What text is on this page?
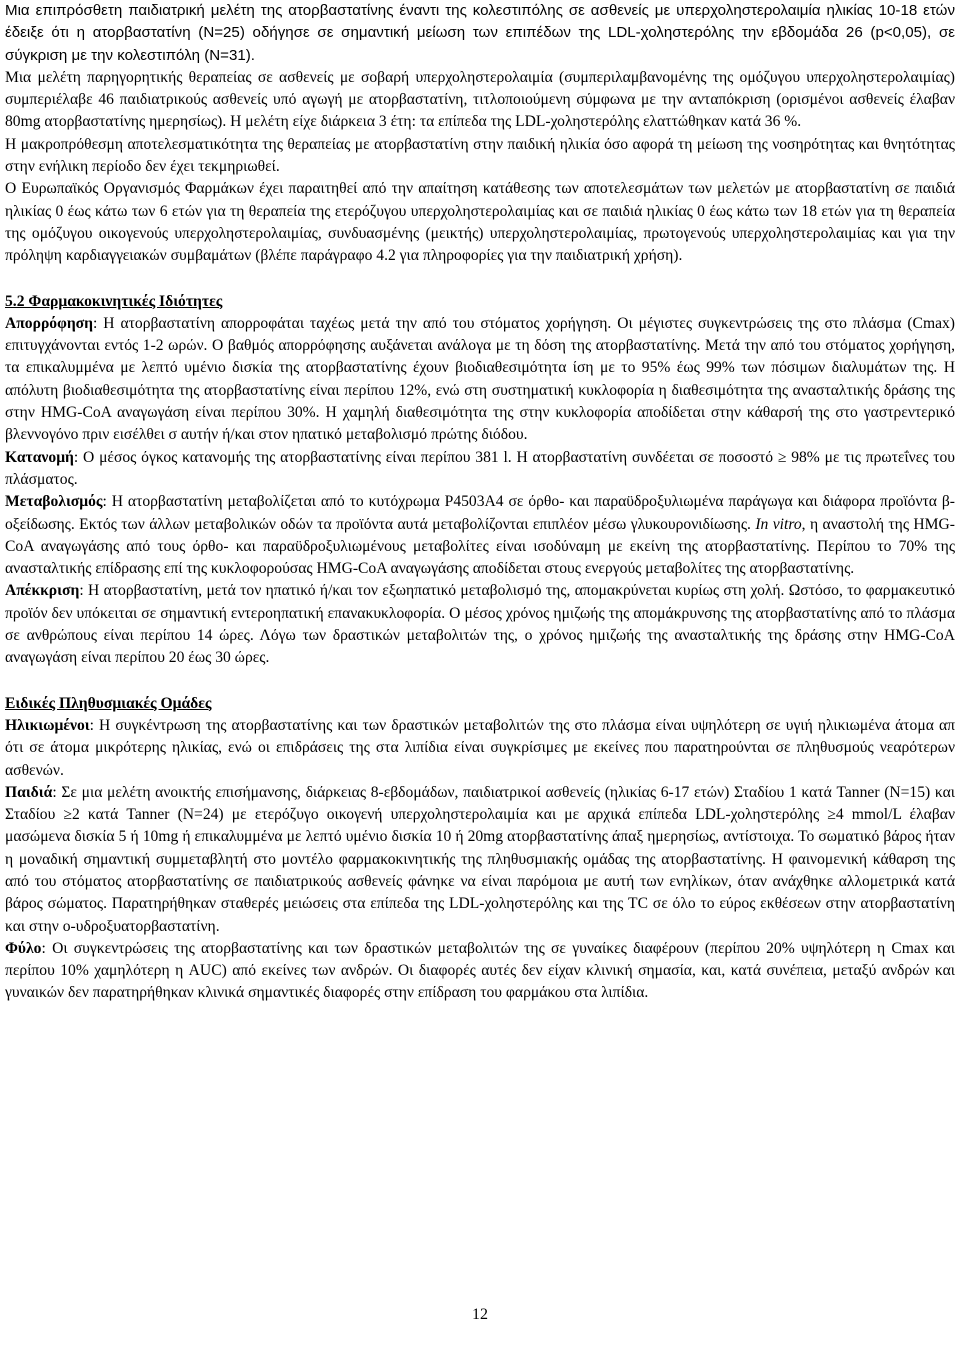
Μια επιπρόσθετη παιδιατρική μελέτη της ατορβαστατίνης έναντι της κολεστιπόλης σε ασθενείς με υπερχοληστερολαιμία ηλικίας 10-18 ετών έδειξε ότι η ατορβαστατίνη (Ν=25) οδήγησε σε σημαντική μείωση των επιπέδων της LDL-χοληστερόλης την εβδομάδα 26 (p<0,05), σε σύγκριση με την κολεστιπόλη (Ν=31).

Μια μελέτη παρηγορητικής θεραπείας σε ασθενείς με σοβαρή υπερχοληστερολαιμία (συμπεριλαμβανομένης της ομόζυγου υπερχοληστερολαιμίας) συμπεριέλαβε 46 παιδιατρικούς ασθενείς υπό αγωγή με ατορβαστατίνη, τιτλοποιούμενη σύμφωνα με την ανταπόκριση (ορισμένοι ασθενείς έλαβαν 80mg ατορβαστατίνης ημερησίως). Η μελέτη είχε διάρκεια 3 έτη: τα επίπεδα της LDL-χοληστερόλης ελαττώθηκαν κατά 36 %.

Η μακροπρόθεσμη αποτελεσματικότητα της θεραπείας με ατορβαστατίνη στην παιδική ηλικία όσο αφορά τη μείωση της νοσηρότητας και θνητότητας στην ενήλικη περίοδο δεν έχει τεκμηριωθεί.

Ο Ευρωπαϊκός Οργανισμός Φαρμάκων έχει παραιτηθεί από την απαίτηση κατάθεσης των αποτελεσμάτων των μελετών με ατορβαστατίνη σε παιδιά ηλικίας 0 έως κάτω των 6 ετών για τη θεραπεία της ετερόζυγου υπερχοληστερολαιμίας και σε παιδιά ηλικίας 0 έως κάτω των 18 ετών για τη θεραπεία της ομόζυγου οικογενούς υπερχοληστερολαιμίας, συνδυασμένης (μεικτής) υπερχοληστερολαιμίας, πρωτογενούς υπερχοληστερολαιμίας και για την πρόληψη καρδιαγγειακών συμβαμάτων (βλέπε παράγραφο 4.2 για πληροφορίες για την παιδιατρική χρήση).

5.2 Φαρμακοκινητικές Ιδιότητες

Απορρόφηση: Η ατορβαστατίνη απορροφάται ταχέως μετά την από του στόματος χορήγηση. Οι μέγιστες συγκεντρώσεις της στο πλάσμα (Cmax) επιτυγχάνονται εντός 1-2 ωρών. Ο βαθμός απορρόφησης αυξάνεται ανάλογα με τη δόση της ατορβαστατίνης. Μετά την από του στόματος χορήγηση, τα επικαλυμμένα με λεπτό υμένιο δισκία της ατορβαστατίνης έχουν βιοδιαθεσιμότητα ίση με το 95% έως 99% των πόσιμων διαλυμάτων της. Η απόλυτη βιοδιαθεσιμότητα της ατορβαστατίνης είναι περίπου 12%, ενώ στη συστηματική κυκλοφορία η διαθεσιμότητα της ανασταλτικής δράσης της στην HMG-CoA αναγωγάση είναι περίπου 30%. Η χαμηλή διαθεσιμότητα της στην κυκλοφορία αποδίδεται στην κάθαρσή της στο γαστρεντερικό βλεννογόνο πριν εισέλθει σ αυτήν ή/και στον ηπατικό μεταβολισμό πρώτης διόδου.

Κατανομή: Ο μέσος όγκος κατανομής της ατορβαστατίνης είναι περίπου 381 l. Η ατορβαστατίνη συνδέεται σε ποσοστό ≥ 98% με τις πρωτεΐνες του πλάσματος.

Μεταβολισμός: Η ατορβαστατίνη μεταβολίζεται από το κυτόχρωμα P4503A4 σε όρθο- και παραϋδροξυλιωμένα παράγωγα και διάφορα προϊόντα β-οξείδωσης. Εκτός των άλλων μεταβολικών οδών τα προϊόντα αυτά μεταβολίζονται επιπλέον μέσω γλυκουρονιδίωσης. In vitro, η αναστολή της HMG-CoA αναγωγάσης από τους όρθο- και παραϋδροξυλιωμένους μεταβολίτες είναι ισοδύναμη με εκείνη της ατορβαστατίνης. Περίπου το 70% της ανασταλτικής επίδρασης επί της κυκλοφορούσας HMG-CoA αναγωγάσης αποδίδεται στους ενεργούς μεταβολίτες της ατορβαστατίνης.

Απέκκριση: Η ατορβαστατίνη, μετά τον ηπατικό ή/και τον εξωηπατικό μεταβολισμό της, απομακρύνεται κυρίως στη χολή. Ωστόσο, το φαρμακευτικό προϊόν δεν υπόκειται σε σημαντική εντεροηπατική επανακυκλοφορία. Ο μέσος χρόνος ημιζωής της απομάκρυνσης της ατορβαστατίνης από το πλάσμα σε ανθρώπους είναι περίπου 14 ώρες. Λόγω των δραστικών μεταβολιτών της, ο χρόνος ημιζωής της ανασταλτικής της δράσης στην HMG-CoA αναγωγάση είναι περίπου 20 έως 30 ώρες.

Ειδικές Πληθυσμιακές Ομάδες

Ηλικιωμένοι: Η συγκέντρωση της ατορβαστατίνης και των δραστικών μεταβολιτών της στο πλάσμα είναι υψηλότερη σε υγιή ηλικιωμένα άτομα απ ότι σε άτομα μικρότερης ηλικίας, ενώ οι επιδράσεις της στα λιπίδια είναι συγκρίσιμες με εκείνες που παρατηρούνται σε πληθυσμούς νεαρότερων ασθενών.

Παιδιά: Σε μια μελέτη ανοικτής επισήμανσης, διάρκειας 8-εβδομάδων, παιδιατρικοί ασθενείς (ηλικίας 6-17 ετών) Σταδίου 1 κατά Tanner (N=15) και Σταδίου ≥2 κατά Tanner (N=24) με ετερόζυγο οικογενή υπερχοληστερολαιμία και με αρχικά επίπεδα LDL-χοληστερόλης ≥4 mmol/L έλαβαν μασώμενα δισκία 5 ή 10mg ή επικαλυμμένα με λεπτό υμένιο δισκία 10 ή 20mg ατορβαστατίνης άπαξ ημερησίως, αντίστοιχα. Το σωματικό βάρος ήταν η μοναδική σημαντική συμμεταβλητή στο μοντέλο φαρμακοκινητικής της πληθυσμιακής ομάδας της ατορβαστατίνης. Η φαινομενική κάθαρση της από του στόματος ατορβαστατίνης σε παιδιατρικούς ασθενείς φάνηκε να είναι παρόμοια με αυτή των ενηλίκων, όταν ανάχθηκε αλλομετρικά κατά βάρος σώματος. Παρατηρήθηκαν σταθερές μειώσεις στα επίπεδα της LDL-χοληστερόλης και της TC σε όλο το εύρος εκθέσεων στην ατορβαστατίνη και στην ο-υδροξυατορβαστατίνη.

Φύλο: Οι συγκεντρώσεις της ατορβαστατίνης και των δραστικών μεταβολιτών της σε γυναίκες διαφέρουν (περίπου 20% υψηλότερη η Cmax και περίπου 10% χαμηλότερη η AUC) από εκείνες των ανδρών. Οι διαφορές αυτές δεν είχαν κλινική σημασία, και, κατά συνέπεια, μεταξύ ανδρών και γυναικών δεν παρατηρήθηκαν κλινικά σημαντικές διαφορές στην επίδραση του φαρμάκου στα λιπίδια.

12
